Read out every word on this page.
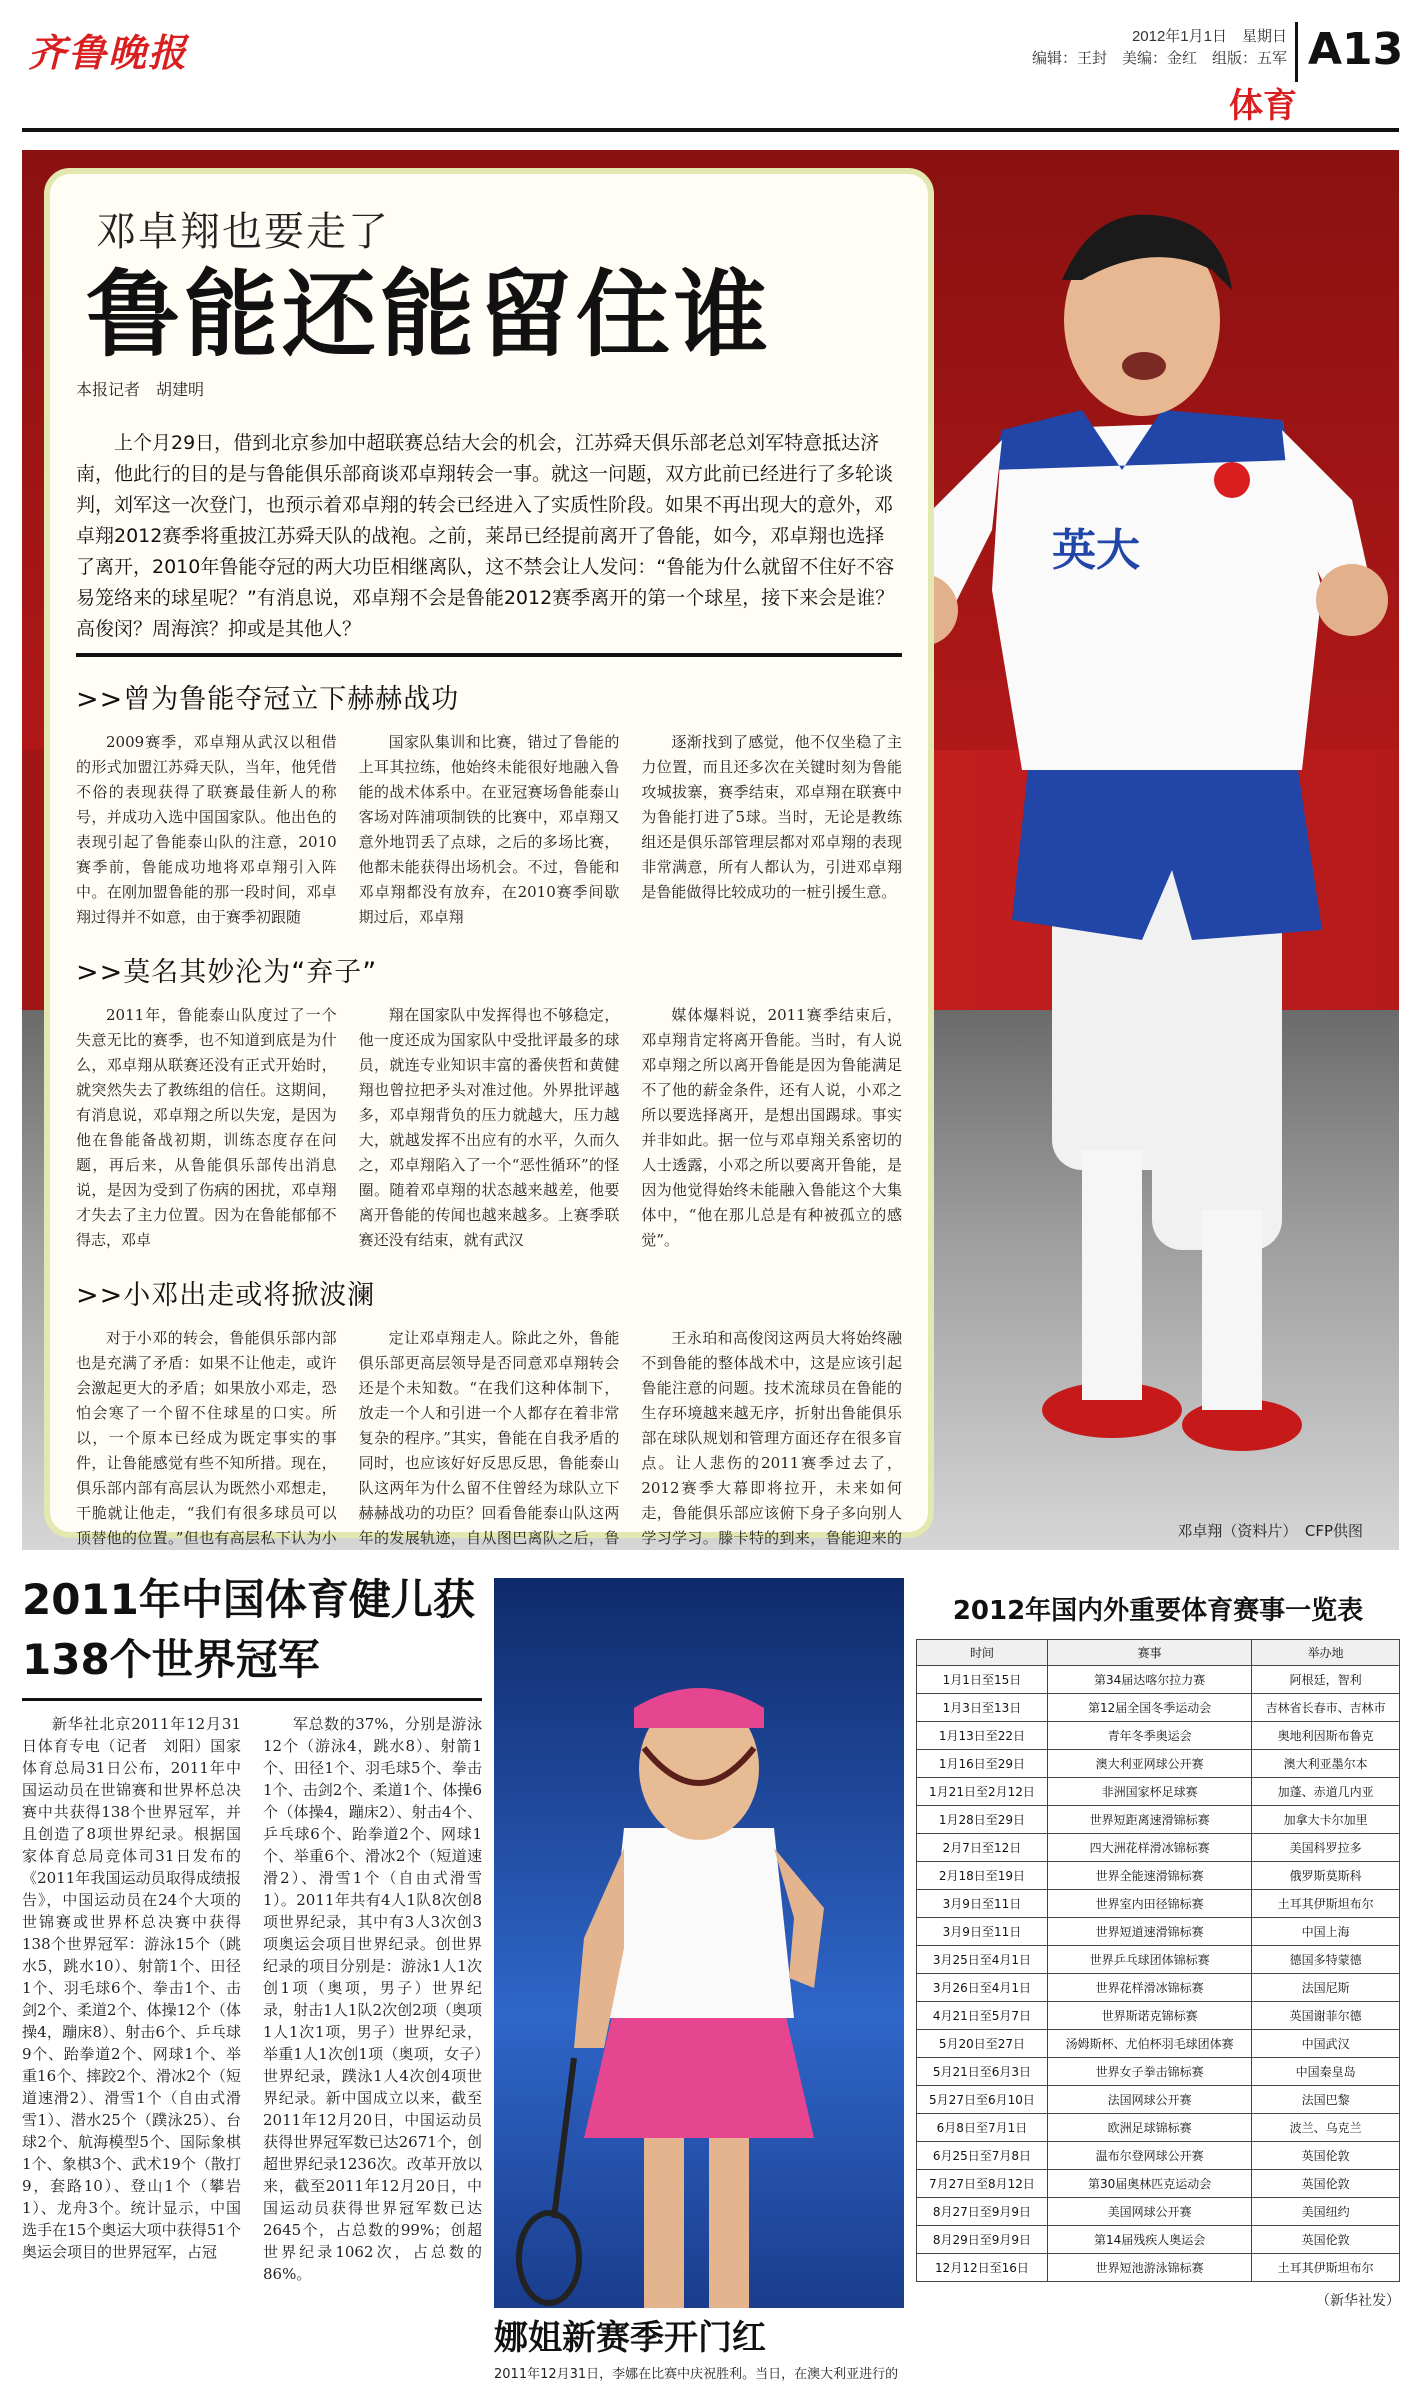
齐鲁晚报	2012年1月1日　星期日
编辑：王封　美编：金红　组版：五军 A13
体育
英大
邓卓翔也要走了
鲁能还能留住谁
本报记者　胡建明
上个月29日，借到北京参加中超联赛总结大会的机会，江苏舜天俱乐部老总刘军特意抵达济南，他此行的目的是与鲁能俱乐部商谈邓卓翔转会一事。就这一问题，双方此前已经进行了多轮谈判，刘军这一次登门，也预示着邓卓翔的转会已经进入了实质性阶段。如果不再出现大的意外，邓卓翔2012赛季将重披江苏舜天队的战袍。之前，莱昂已经提前离开了鲁能，如今，邓卓翔也选择了离开，2010年鲁能夺冠的两大功臣相继离队，这不禁会让人发问：“鲁能为什么就留不住好不容易笼络来的球星呢？”有消息说，邓卓翔不会是鲁能2012赛季离开的第一个球星，接下来会是谁？高俊闵？周海滨？抑或是其他人？
>>曾为鲁能夺冠立下赫赫战功

2009赛季，邓卓翔从武汉以租借的形式加盟江苏舜天队，当年，他凭借不俗的表现获得了联赛最佳新人的称号，并成功入选中国国家队。他出色的表现引起了鲁能泰山队的注意，2010赛季前，鲁能成功地将邓卓翔引入阵中。在刚加盟鲁能的那一段时间，邓卓翔过得并不如意，由于赛季初跟随

国家队集训和比赛，错过了鲁能的上耳其拉练，他始终未能很好地融入鲁能的战术体系中。在亚冠赛场鲁能泰山客场对阵浦项制铁的比赛中，邓卓翔又意外地罚丢了点球，之后的多场比赛，他都未能获得出场机会。不过，鲁能和邓卓翔都没有放弃，在2010赛季间歇期过后，邓卓翔

逐渐找到了感觉，他不仅坐稳了主力位置，而且还多次在关键时刻为鲁能攻城拔寨，赛季结束，邓卓翔在联赛中为鲁能打进了5球。当时，无论是教练组还是俱乐部管理层都对邓卓翔的表现非常满意，所有人都认为，引进邓卓翔是鲁能做得比较成功的一桩引援生意。

>>莫名其妙沦为“弃子”

2011年，鲁能泰山队度过了一个失意无比的赛季，也不知道到底是为什么，邓卓翔从联赛还没有正式开始时，就突然失去了教练组的信任。这期间，有消息说，邓卓翔之所以失宠，是因为他在鲁能备战初期，训练态度存在问题，再后来，从鲁能俱乐部传出消息说，是因为受到了伤病的困扰，邓卓翔才失去了主力位置。因为在鲁能郁郁不得志，邓卓

翔在国家队中发挥得也不够稳定，他一度还成为国家队中受批评最多的球员，就连专业知识丰富的番侠哲和黄健翔也曾拉把矛头对准过他。外界批评越多，邓卓翔背负的压力就越大，压力越大，就越发挥不出应有的水平，久而久之，邓卓翔陷入了一个“恶性循环”的怪圈。随着邓卓翔的状态越来越差，他要离开鲁能的传闻也越来越多。上赛季联赛还没有结束，就有武汉

媒体爆料说，2011赛季结束后，邓卓翔肯定将离开鲁能。当时，有人说邓卓翔之所以离开鲁能是因为鲁能满足不了他的薪金条件，还有人说，小邓之所以要选择离开，是想出国踢球。事实并非如此。据一位与邓卓翔关系密切的人士透露，小邓之所以要离开鲁能，是因为他觉得始终未能融入鲁能这个大集体中，“他在那儿总是有种被孤立的感觉”。

>>小邓出走或将掀波澜

对于小邓的转会，鲁能俱乐部内部也是充满了矛盾：如果不让他走，或许会激起更大的矛盾；如果放小邓走，恐怕会寒了一个留不住球星的口实。所以，一个原本已经成为既定事实的事件，让鲁能感觉有些不知所措。现在，俱乐部内部有高层认为既然小邓想走，干脆就让他走，“我们有很多球员可以顶替他的位置。”但也有高层私下认为小

定让邓卓翔走人。除此之外，鲁能俱乐部更高层领导是否同意邓卓翔转会还是个未知数。“在我们这种体制下，放走一个人和引进一个人都存在着非常复杂的程序。”其实，鲁能在自我矛盾的同时，也应该好好反思反思，鲁能泰山队这两年为什么留不住曾经为球队立下赫赫战功的功臣？回看鲁能泰山队这两年的发展轨迹，自从图巴离队之后，鲁

王永珀和高俊闵这两员大将始终融不到鲁能的整体战术中，这是应该引起鲁能注意的问题。技术流球员在鲁能的生存环境越来越无序，折射出鲁能俱乐部在球队规划和管理方面还存在很多盲点。让人悲伤的2011赛季过去了，2012赛季大幕即将拉开，未来如何走，鲁能俱乐部应该俯下身子多向别人学习学习。滕卡特的到来，鲁能迎来的	邓卓翔（资料片）　CFP供图
2011年中国体育健儿获138个世界冠军

新华社北京2011年12月31日体育专电（记者　刘阳）国家体育总局31日公布，2011年中国运动员在世锦赛和世界杯总决赛中共获得138个世界冠军，并且创造了8项世界纪录。根据国家体育总局竞体司31日发布的《2011年我国运动员取得成绩报告》，中国运动员在24个大项的世锦赛或世界杯总决赛中获得138个世界冠军：游泳15个（跳水5，跳水10）、射箭1个、田径1个、羽毛球6个、拳击1个、击剑2个、柔道2个、体操12个（体操4，蹦床8）、射击6个、乒乓球9个、跆拳道2个、网球1个、举重16个、摔跤2个、滑冰2个（短道速滑2）、滑雪1个（自由式滑雪1）、潜水25个（蹼泳25）、台球2个、航海模型5个、国际象棋1个、象棋3个、武术19个（散打9，套路10）、登山1个（攀岩1）、龙舟3个。统计显示，中国选手在15个奥运大项中获得51个奥运会项目的世界冠军，占冠

军总数的37%，分别是游泳12个（游泳4，跳水8）、射箭1个、田径1个、羽毛球5个、拳击1个、击剑2个、柔道1个、体操6个（体操4，蹦床2）、射击4个、乒乓球6个、跆拳道2个、网球1个、举重6个、滑冰2个（短道速滑2）、滑雪1个（自由式滑雪1）。2011年共有4人1队8次创8项世界纪录，其中有3人3次创3项奥运会项目世界纪录。创世界纪录的项目分别是：游泳1人1次创1项（奥项，男子）世界纪录，射击1人1队2次创2项（奥项1人1次1项，男子）世界纪录，举重1人1次创1项（奥项，女子）世界纪录，蹼泳1人4次创4项世界纪录。新中国成立以来，截至2011年12月20日，中国运动员获得世界冠军数已达2671个，创超世界纪录1236次。改革开放以来，截至2011年12月20日，中国运动员获得世界冠军数已达2645个，占总数的99%；创超世界纪录1062次，占总数的86%。

娜姐新赛季开门红
2011年12月31日，李娜在比赛中庆祝胜利。当日，在澳大利亚进行的
2012年国内外重要体育赛事一览表
时间	赛事	举办地
1月1日至15日	第34届达喀尔拉力赛	阿根廷，智利
1月3日至13日	第12届全国冬季运动会	吉林省长春市、吉林市
1月13日至22日	青年冬季奥运会	奥地利因斯布鲁克
1月16日至29日	澳大利亚网球公开赛	澳大利亚墨尔本
1月21日至2月12日	非洲国家杯足球赛	加蓬、赤道几内亚
1月28日至29日	世界短距离速滑锦标赛	加拿大卡尔加里
2月7日至12日	四大洲花样滑冰锦标赛	美国科罗拉多
2月18日至19日	世界全能速滑锦标赛	俄罗斯莫斯科
3月9日至11日	世界室内田径锦标赛	土耳其伊斯坦布尔
3月9日至11日	世界短道速滑锦标赛	中国上海
3月25日至4月1日	世界乒乓球团体锦标赛	德国多特蒙德
3月26日至4月1日	世界花样滑冰锦标赛	法国尼斯
4月21日至5月7日	世界斯诺克锦标赛	英国谢菲尔德
5月20日至27日	汤姆斯杯、尤伯杯羽毛球团体赛	中国武汉
5月21日至6月3日	世界女子拳击锦标赛	中国秦皇岛
5月27日至6月10日	法国网球公开赛	法国巴黎
6月8日至7月1日	欧洲足球锦标赛	波兰、乌克兰
6月25日至7月8日	温布尔登网球公开赛	英国伦敦
7月27日至8月12日	第30届奥林匹克运动会	英国伦敦
8月27日至9月9日	美国网球公开赛	美国纽约
8月29日至9月9日	第14届残疾人奥运会	英国伦敦
12月12日至16日	世界短池游泳锦标赛	土耳其伊斯坦布尔
（新华社发）
